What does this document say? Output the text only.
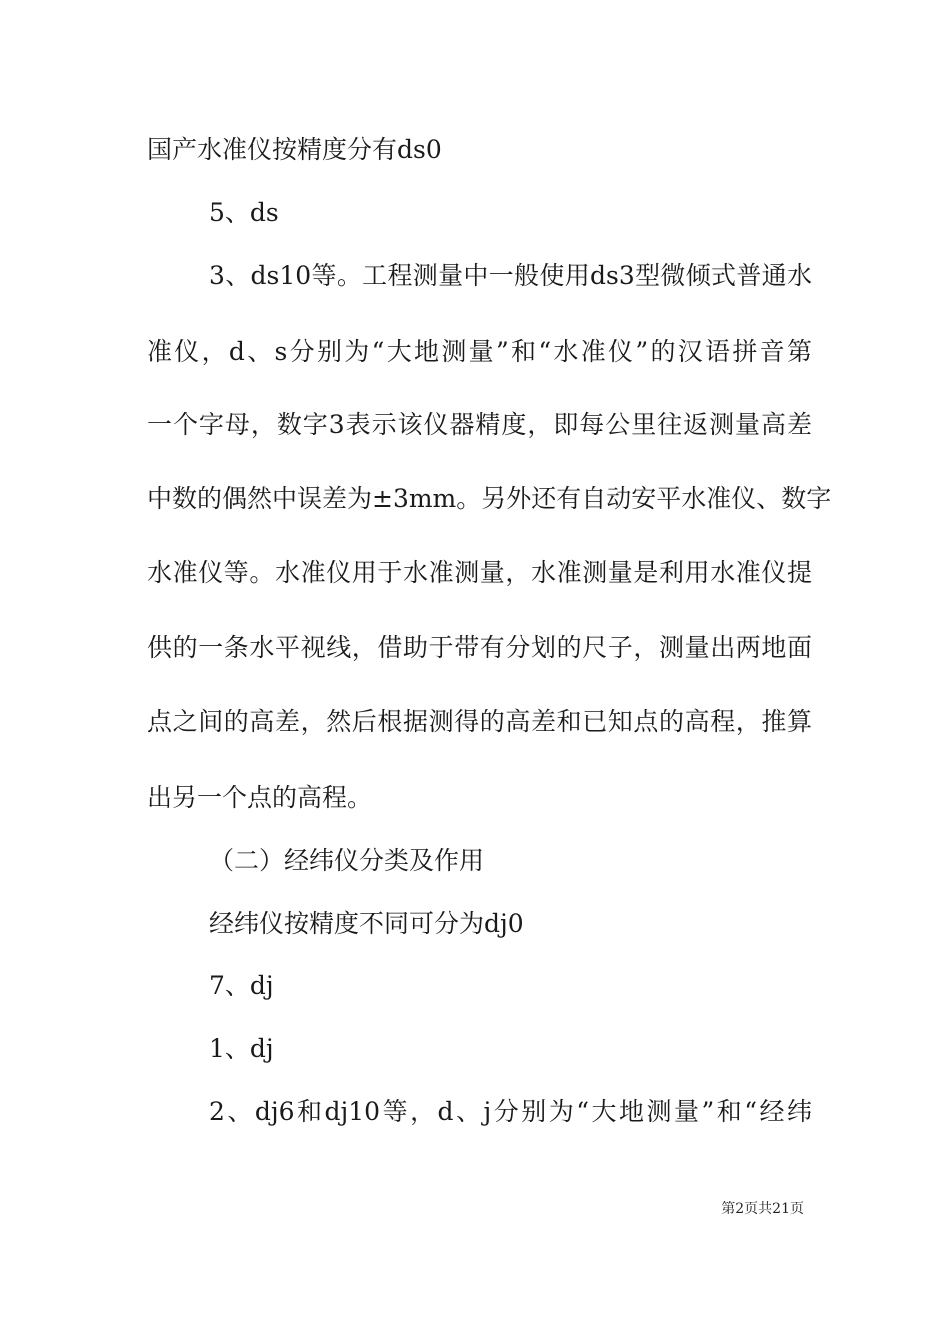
国产水准仪按精度分有ds0
5、ds
3、ds10等。工程测量中一般使用ds3型微倾式普通水
准仪，d、s分别为“大地测量”和“水准仪”的汉语拼音第
一个字母，数字3表示该仪器精度，即每公里往返测量高差
中数的偶然中误差为±3mm。另外还有自动安平水准仪、数字
水准仪等。水准仪用于水准测量，水准测量是利用水准仪提
供的一条水平视线，借助于带有分划的尺子，测量出两地面
点之间的高差，然后根据测得的高差和已知点的高程，推算
出另一个点的高程。
（二）经纬仪分类及作用
经纬仪按精度不同可分为dj0
7、dj
1、dj
2、dj6和dj10等，d、j分别为“大地测量”和“经纬
第2页共21页
